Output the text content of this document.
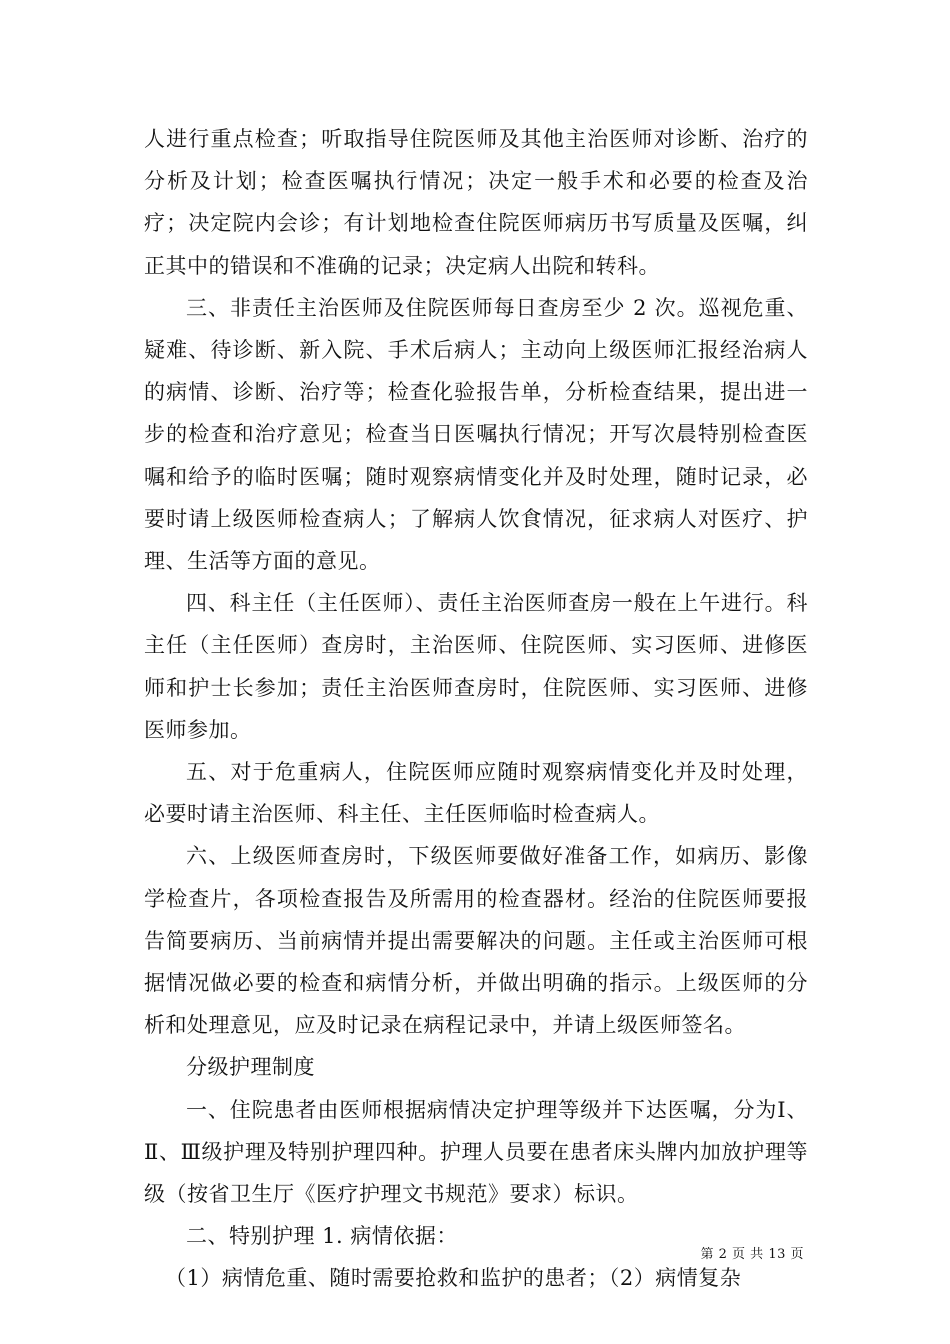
人进行重点检查；听取指导住院医师及其他主治医师对诊断、治疗的分析及计划；检查医嘱执行情况；决定一般手术和必要的检查及治疗；决定院内会诊；有计划地检查住院医师病历书写质量及医嘱，纠正其中的错误和不准确的记录；决定病人出院和转科。

三、非责任主治医师及住院医师每日查房至少 2 次。巡视危重、疑难、待诊断、新入院、手术后病人；主动向上级医师汇报经治病人的病情、诊断、治疗等；检查化验报告单，分析检查结果，提出进一步的检查和治疗意见；检查当日医嘱执行情况；开写次晨特别检查医嘱和给予的临时医嘱；随时观察病情变化并及时处理，随时记录，必要时请上级医师检查病人；了解病人饮食情况，征求病人对医疗、护理、生活等方面的意见。

四、科主任（主任医师）、责任主治医师查房一般在上午进行。科主任（主任医师）查房时，主治医师、住院医师、实习医师、进修医师和护士长参加；责任主治医师查房时，住院医师、实习医师、进修医师参加。

五、对于危重病人，住院医师应随时观察病情变化并及时处理，必要时请主治医师、科主任、主任医师临时检查病人。

六、上级医师查房时，下级医师要做好准备工作，如病历、影像学检查片，各项检查报告及所需用的检查器材。经治的住院医师要报告简要病历、当前病情并提出需要解决的问题。主任或主治医师可根据情况做必要的检查和病情分析，并做出明确的指示。上级医师的分析和处理意见，应及时记录在病程记录中，并请上级医师签名。

分级护理制度

一、住院患者由医师根据病情决定护理等级并下达医嘱，分为Ⅰ、Ⅱ、Ⅲ级护理及特别护理四种。护理人员要在患者床头牌内加放护理等级（按省卫生厅《医疗护理文书规范》要求）标识。

二、特别护理 1. 病情依据：

（1）病情危重、随时需要抢救和监护的患者；（2）病情复杂

第 2 页 共 13 页
